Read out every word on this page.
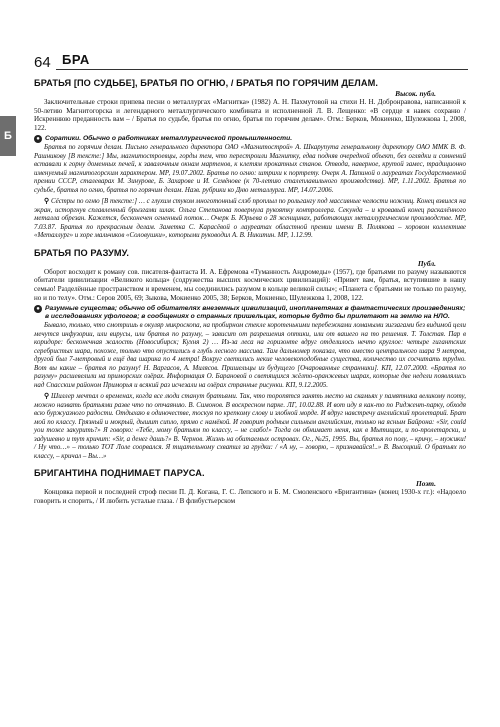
64 БРА
Б
БРАТЬЯ [ПО СУДЬБЕ], БРАТЬЯ ПО ОГНЮ, / БРАТЬЯ ПО ГОРЯЧИМ ДЕЛАМ.
Высок. публ.

Заключительные строки припева песни о металлургах «Магнитка» (1982) А. Н. Пахмутовой на стихи Н. Н. Добронравова, написанной к 50-летию Магнитогорска и легендарного металлургического комбината и исполненной Л. В. Лещенко: «В сердце я навек сохраню / Искреннюю преданность вам – / Братья по судьбе, братья по огню, братья по горячим делам». Отм.: Берков, Мокиенко, Шулежкова 1, 2008, 122.

● Соратики. Обычно о работниках металлургической промышленности.

Братья по горячим делам. Письмо генерального директора ОАО «Магнитострой» А. Шкарупута генеральному директору ОАО ММК В. Ф. Рашникову [В тексте:] Мы, магнитостроевцы, горды тем, что перестроили Магнитку, едва подняв очередной объект, без оглядки и сомнений вставали к горну доменных печей, к завалочным окнам мартенов, к клетям прокатных станов. Отвода, наверное, крутой замес, традиционно именуемый магнитогорским характером. МР, 19.07.2002. Братья по огню: штрихи к портрету. Очерк А. Папиной о лауреатах Государственной премии СССР, сталеварах М. Зинурове, Б. Захарове и И. Семёнове (к 70-летию сталеплавильного производства). МР, 1.11.2002. Братья по судьбе, братья по огню, братья по горячим делам. Назв. рубрики ко Дню металлурга. МР, 14.07.2006.

⚲ Сёстры по огню [В тексте:] … с глухим стуком многотонный слэб проплыл по рольгангу под массивные челюсти ножниц. Конец взвился на экран, исторгнув сплавленный брызгами шлак. Ольга Степанова повернула рукоятку контроллера. Секунда – и кровавый конец раскалённого металла обрезан. Кажется, бесконечен огненный поток… Очерк Б. Юрьева о 28 женщинах, работающих металлургическом производстве. МР, 7.03.87. Братья по прекрасным делам. Заметка С. Карасёвой о лауреатах областной премии имени В. Полякова – хоровом коллективе «Металлург» и хоре мальчиков «Соловушки», которыми руководил А. В. Никитин. МР, 1.12.99.

БРАТЬЯ ПО РАЗУМУ.
Публ.

Оборот восходит к роману сов. писателя-фантаста И. А. Ефремова «Туманность Андромеды» (1957), где братьями по разуму называются обитатели цивилизации «Великого кольца» (содружества высших космических цивилизаций): «Привет вам, братья, вступившие в нашу семью! Разделённые пространством и временем, мы соединились разумом в кольце великой силы»; «Планета с братьями не только по разуму, но и по телу». Отм.: Серов 2005, 69; Зыкова, Мокиенко 2005, 38; Берков, Мокиенко, Шулежкова 1, 2008, 122.

● Разумные существа; обычно об обитателях внеземных цивилизаций, инопланетянах в фантастических произведениях; в исследованиях уфологов; в сообщениях о странных пришельцах, которые будто бы прилетают на землю на НЛО.

Бывало, только, что смотришь в окуляр микроскопа, на пробирном стекле коротенькими перебежками ломаными зигзагами без видимой цели мечутся инфузории, или вирусы, или братья по разуму, – зависит от разрешения оптики, или от вашего на то решения. Т. Толстая. Пар в коридоре: бесконечная жалость (Новосибирск; Кухня 2) … Из-за леса на горизонте вдруг отделилось нечто круглое: четыре гигантских серебристых шара, похоже, только что опустились в глубь лесного массива. Там дальномер показал, что вместо центрального шара 9 метров, другой был 7-метровый и ещё два шарика по 4 метра! Вокруг светились некие человекоподобные существа, количество их сосчитать трудно. Вот вы какие – братья по разуму! Н. Варгасов, А. Милясов. Пришельцы из будущего [Очарованные странники]. КП, 12.07.2000. «Братья по разуму» расшевелили на приморских озёрах. Информация О. Барановой о светящихся жёлто-оранжевых шарах, которые две недели появлялись над Спасским районом Приморья и всякий раз исчезали на озёрах странные рисунки. КП, 9.12.2005.

⚲ Шиллер мечтал о временах, когда все люди станут братьями. Так, что торопятся занять место на скамьях у памятника великому поэту, можно назвать братьями разве что по отчаянию. В. Симонов. В воскресном парке. ЛГ, 10.02.88. И вот иду я как-то по Риджент-парку, обходя всю буржуазного радости. Отдыхаю в одиночестве, тоскуя по крепкому слову и злобной морде. И вдруг навстречу английский пролетарий. Брат мой по классу. Грязный и мокрый, дышит сипло, прямо с намёкой. И говорит родным сильным английским, только на ясным Байрона: «Sir, could you тоже закурить?» Я говорю: «Тебе, мому братьям по классу, – не слабо!» Тогда он обнимает меня, как в Мытищах, и по-пролетарски, и задушевно и тут кричит: «Sir, а денег дашь?» В. Чернов. Жизнь на обитаемых островах. Ог., №25, 1995. Вы, братья по полу, – кричу, – мужики! / Ну что…» – только ТОТ Лоле соорвался. Я тщательному схватил за грудки: / «А ну, – говорю, – признавайся!..» В. Высоцкий. О братьях по классу, – кричал – Вы…»

БРИГАНТИНА ПОДНИМАЕТ ПАРУСА.
Поэт.

Концовка первой и последней строф песни П. Д. Когана, Г. С. Лепского и Б. М. Смоленского «Бригантина» (конец 1930-х гг.): «Надоело говорить и спорить, / И любить усталые глаза. / В флибустьерском
